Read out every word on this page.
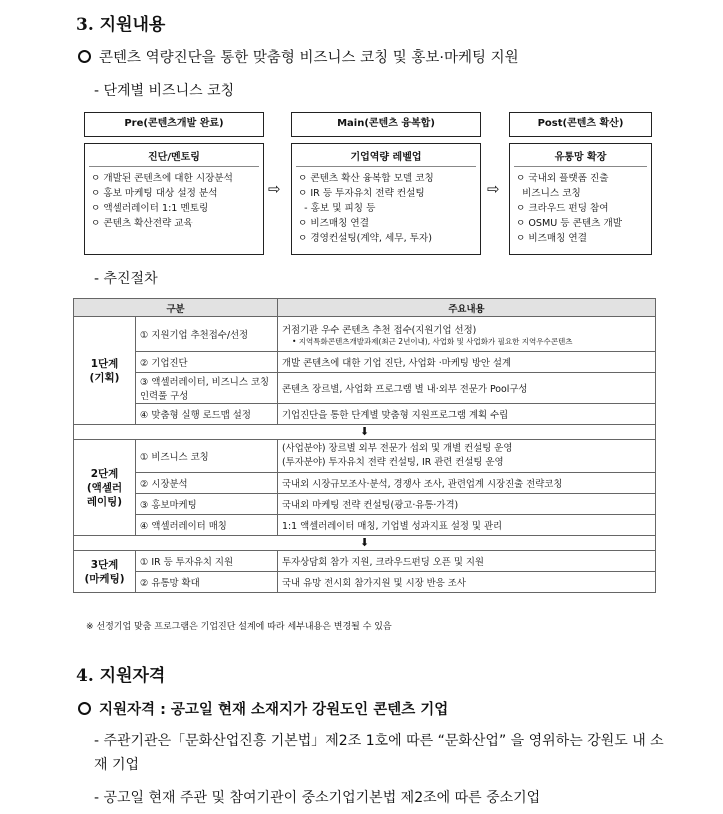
3. 지원내용
콘텐츠 역량진단을 통한 맞춤형 비즈니스 코칭 및 홍보·마케팅 지원
- 단계별 비즈니스 코칭
Pre(콘텐츠개발 완료)	Main(콘텐츠 융복합)	Post(콘텐츠 확산)
진단/멘토링
ㅇ 개발된 콘텐츠에 대한 시장분석
ㅇ 홍보 마케팅 대상 설정 분석
ㅇ 액셀러레이터 1:1 멘토링
ㅇ 콘텐츠 확산전략 교육
⇨
기업역량 레벨업
ㅇ 콘텐츠 확산 융복합 모델 코칭
ㅇ IR 등 투자유치 전략 컨설팅
- 홍보 및 피칭 등
ㅇ 비즈매칭 연결
ㅇ 경영컨설팅(계약, 세무, 투자)
⇨
유통망 확장
ㅇ 국내외 플랫폼 진출
비즈니스 코칭
ㅇ 크라우드 펀딩 참여
ㅇ OSMU 등 콘텐츠 개발
ㅇ 비즈매칭 연결
- 추진절차
구분		주요내용
1단계
(기획)	① 지원기업 추천접수/선정	거점기관 우수 콘텐츠 추천 접수(지원기업 선정)
• 지역특화콘텐츠개발과제(최근 2년이내), 사업화 및 사업화가 필요한 지역우수콘텐츠

	② 기업진단	개발 콘텐츠에 대한 기업 진단, 사업화 ·마케팅 방안 설계
	③ 액셀러레이터, 비즈니스 코칭 인력풀 구성	콘텐츠 장르별, 사업화 프로그램 별 내·외부 전문가 Pool구성
	④ 맞춤형 실행 로드맵 설정	기업진단을 통한 단계별 맞춤형 지원프로그램 계획 수립
⬇		
2단계
(액셀러
레이팅)	① 비즈니스 코칭	(사업분야) 장르별 외부 전문가 섭외 및 개별 컨설팅 운영
(투자분야) 투자유치 전략 컨설팅, IR 관련 컨설팅 운영
	② 시장분석	국내외 시장규모조사·분석, 경쟁사 조사, 관련업계 시장진출 전략코칭
	③ 홍보마케팅	국내외 마케팅 전략 컨설팅(광고·유통·가격)
	④ 액셀러레이터 매칭	1:1 액셀러레이터 매칭, 기업별 성과지표 설정 및 관리
⬇		
3단계
(마케팅)	① IR 등 투자유치 지원	투자상담회 참가 지원, 크라우드펀딩 오픈 및 지원
	② 유통망 확대	국내 유망 전시회 참가지원 및 시장 반응 조사
※ 선정기업 맞춤 프로그램은 기업진단 설계에 따라 세부내용은 변경될 수 있음
4. 지원자격
지원자격 : 공고일 현재 소재지가 강원도인 콘텐츠 기업
- 주관기관은「문화산업진흥 기본법」제2조 1호에 따른 “문화산업” 을 영위하는 강원도 내 소재 기업
- 공고일 현재 주관 및 참여기관이 중소기업기본법 제2조에 따른 중소기업
